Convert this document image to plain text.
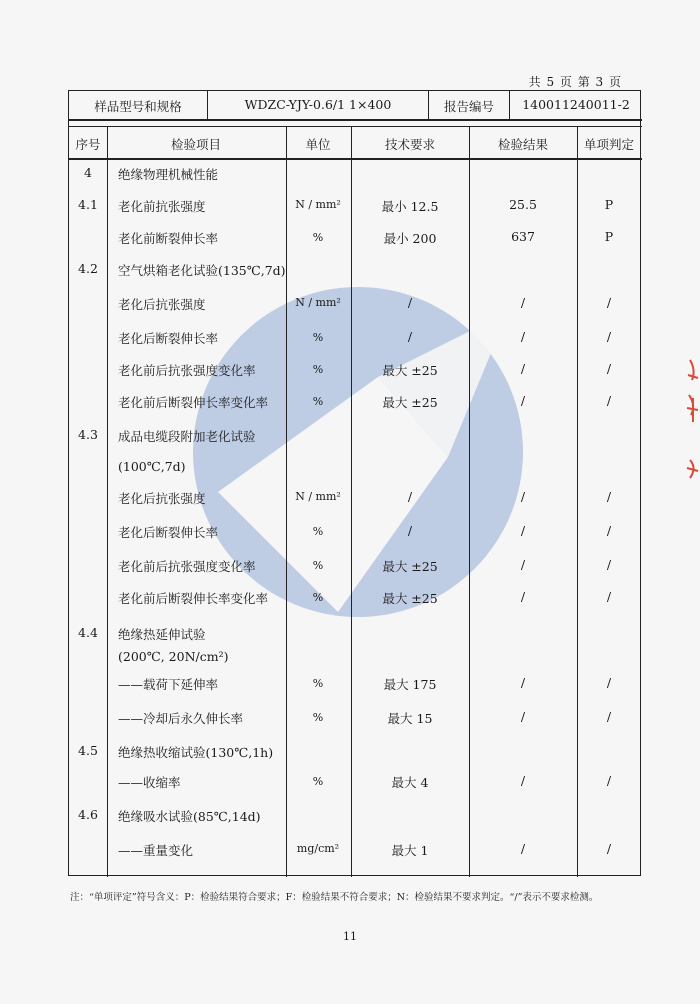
共 5 页 第 3 页
样品型号和规格	WDZC-YJY-0.6/1 1×400	报告编号 140011240011-2
序号	检验项目	单位	技术要求	检验结果	单项判定
4 绝缘物理机械性能
4.1 老化前抗张强度	N / mm²	最小 12.5	25.5	P
老化前断裂伸长率	%	最小 200	637	P
4.2 空气烘箱老化试验(135℃,7d)
老化后抗张强度	N / mm²	/	/	/
老化后断裂伸长率	%	/	/	/
老化前后抗张强度变化率	%	最大 ±25	/	/
老化前后断裂伸长率变化率	%	最大 ±25	/	/
4.3 成品电缆段附加老化试验
(100℃,7d)
老化后抗张强度	N / mm²	/	/	/
老化后断裂伸长率	%	/	/	/
老化前后抗张强度变化率	%	最大 ±25	/	/
老化前后断裂伸长率变化率	%	最大 ±25	/	/
4.4 绝缘热延伸试验
(200℃, 20N/cm²)
——载荷下延伸率	%	最大 175	/	/
——冷却后永久伸长率	%	最大 15	/	/
4.5 绝缘热收缩试验(130℃,1h)
——收缩率	%	最大 4	/	/
4.6 绝缘吸水试验(85℃,14d)
——重量变化	mg/cm²	最大 1	/	/
注：“单项评定”符号含义：P：检验结果符合要求；F：检验结果不符合要求；N：检验结果不要求判定。“/”表示不要求检测。
11
